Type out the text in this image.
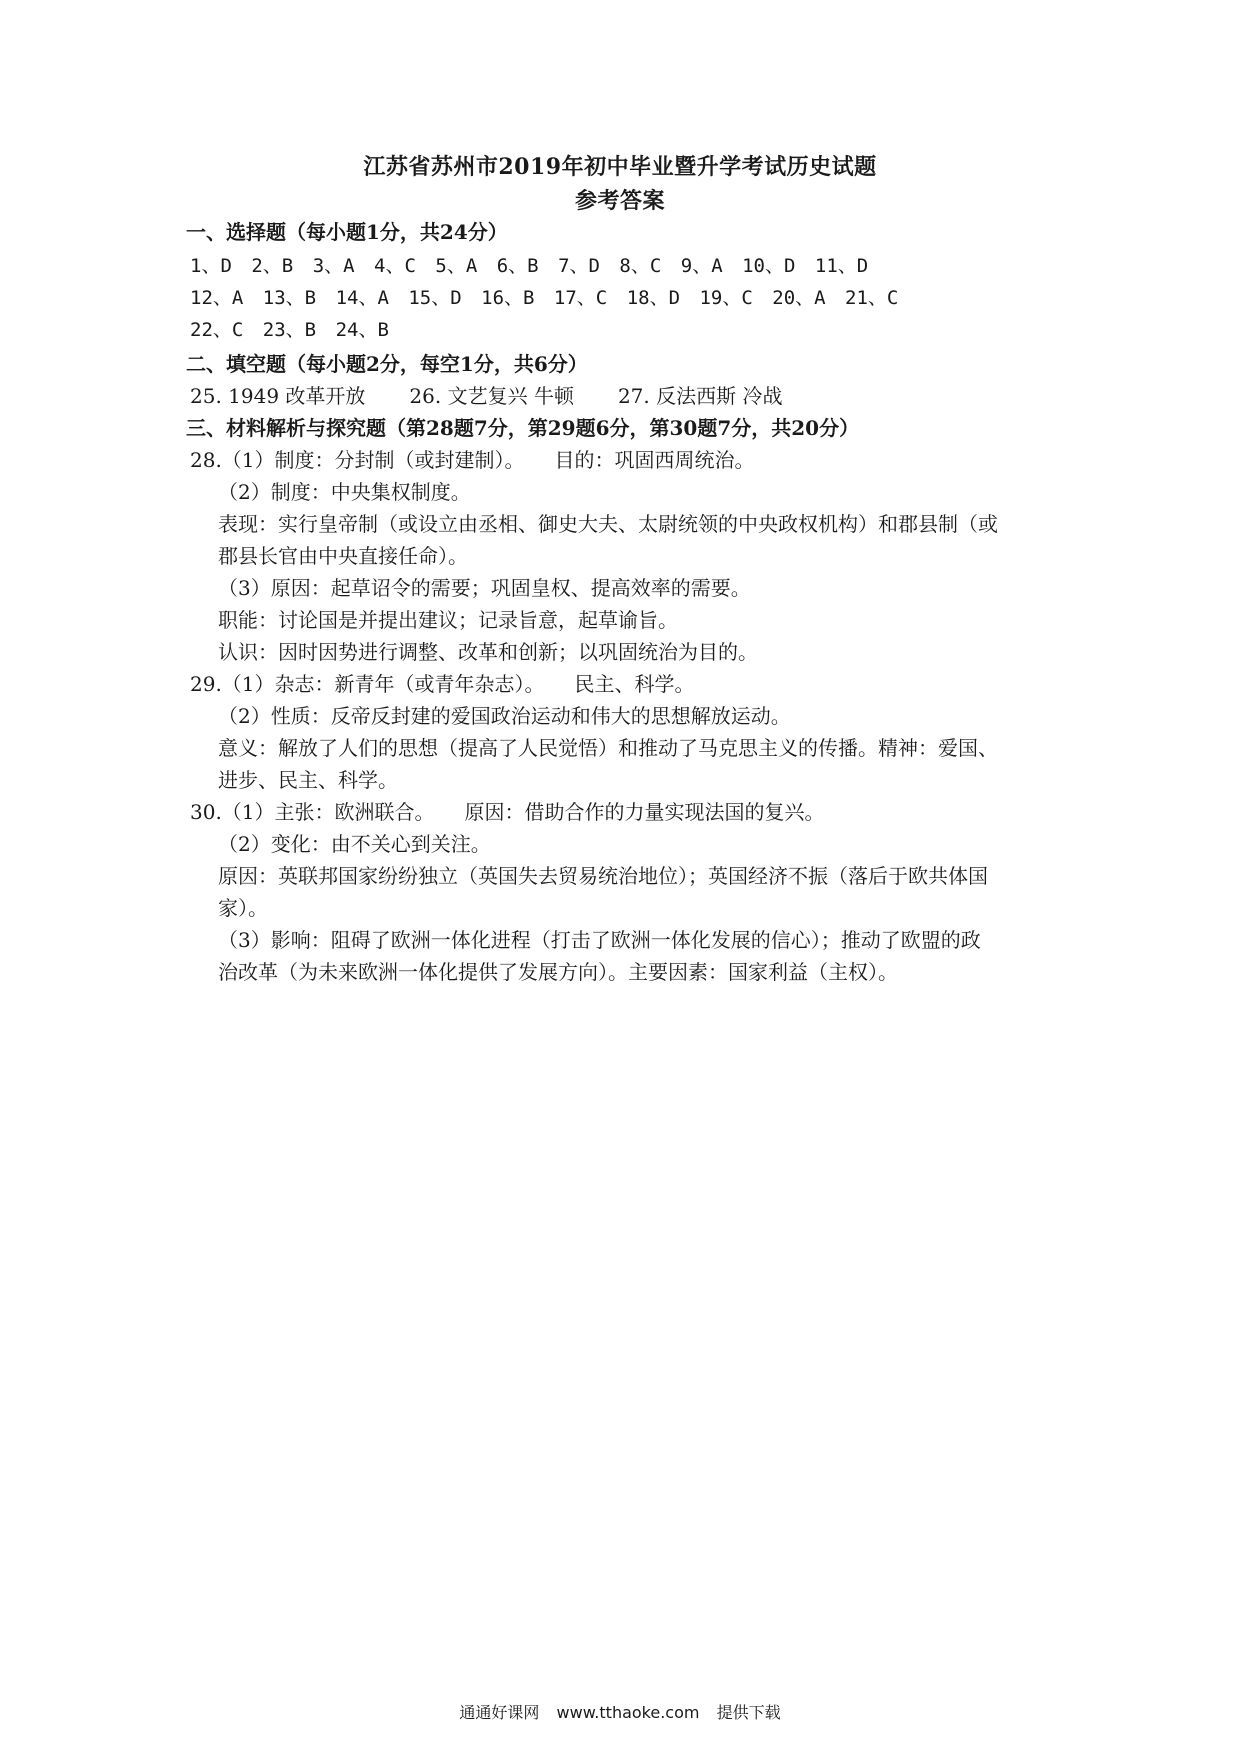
江苏省苏州市2019年初中毕业暨升学考试历史试题
参考答案
一、选择题（每小题1分，共24分）
1、D 2、B 3、A 4、C 5、A 6、B 7、D 8、C 9、A 10、D 11、D
12、A 13、B 14、A 15、D 16、B 17、C 18、D 19、C 20、A 21、C
22、C 23、B 24、B
二、填空题（每小题2分，每空1分，共6分）
25. 1949 改革开放 26. 文艺复兴 牛顿 27. 反法西斯 冷战
三、材料解析与探究题（第28题7分，第29题6分，第30题7分，共20分）
28.（1）制度：分封制（或封建制）。 目的：巩固西周统治。
（2）制度：中央集权制度。
表现：实行皇帝制（或设立由丞相、御史大夫、太尉统领的中央政权机构）和郡县制（或
郡县长官由中央直接任命）。
（3）原因：起草诏令的需要；巩固皇权、提高效率的需要。
职能：讨论国是并提出建议；记录旨意，起草谕旨。
认识：因时因势进行调整、改革和创新；以巩固统治为目的。
29.（1）杂志：新青年（或青年杂志）。 民主、科学。
（2）性质：反帝反封建的爱国政治运动和伟大的思想解放运动。
意义：解放了人们的思想（提高了人民觉悟）和推动了马克思主义的传播。精神：爱国、
进步、民主、科学。
30.（1）主张：欧洲联合。 原因：借助合作的力量实现法国的复兴。
（2）变化：由不关心到关注。
原因：英联邦国家纷纷独立（英国失去贸易统治地位）；英国经济不振（落后于欧共体国
家）。
（3）影响：阻碍了欧洲一体化进程（打击了欧洲一体化发展的信心）；推动了欧盟的政
治改革（为未来欧洲一体化提供了发展方向）。主要因素：国家利益（主权）。
通通好课网 www.tthaoke.com 提供下载
